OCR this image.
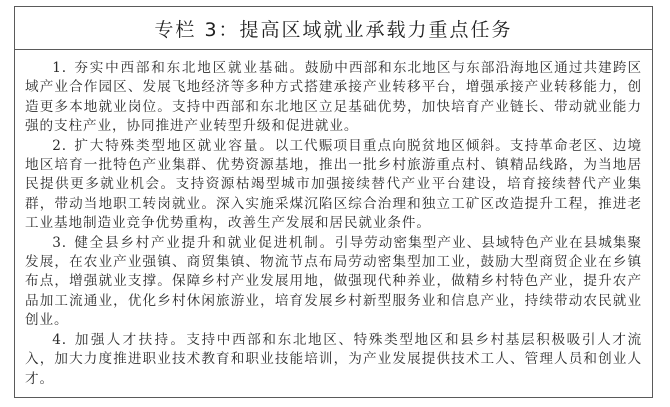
专栏 3：提高区域就业承载力重点任务

1. 夯实中西部和东北地区就业基础。鼓励中西部和东北地区与东部沿海地区通过共建跨区域产业合作园区、发展飞地经济等多种方式搭建承接产业转移平台，增强承接产业转移能力，创造更多本地就业岗位。支持中西部和东北地区立足基础优势，加快培育产业链长、带动就业能力强的支柱产业，协同推进产业转型升级和促进就业。

2. 扩大特殊类型地区就业容量。以工代赈项目重点向脱贫地区倾斜。支持革命老区、边境地区培育一批特色产业集群、优势资源基地，推出一批乡村旅游重点村、镇精品线路，为当地居民提供更多就业机会。支持资源枯竭型城市加强接续替代产业平台建设，培育接续替代产业集群，带动当地职工转岗就业。深入实施采煤沉陷区综合治理和独立工矿区改造提升工程，推进老工业基地制造业竞争优势重构，改善生产发展和居民就业条件。

3. 健全县乡村产业提升和就业促进机制。引导劳动密集型产业、县域特色产业在县城集聚发展，在农业产业强镇、商贸集镇、物流节点布局劳动密集型加工业，鼓励大型商贸企业在乡镇布点，增强就业支撑。保障乡村产业发展用地，做强现代种养业，做精乡村特色产业，提升农产品加工流通业，优化乡村休闲旅游业，培育发展乡村新型服务业和信息产业，持续带动农民就业创业。

4. 加强人才扶持。支持中西部和东北地区、特殊类型地区和县乡村基层积极吸引人才流入，加大力度推进职业技术教育和职业技能培训，为产业发展提供技术工人、管理人员和创业人才。
